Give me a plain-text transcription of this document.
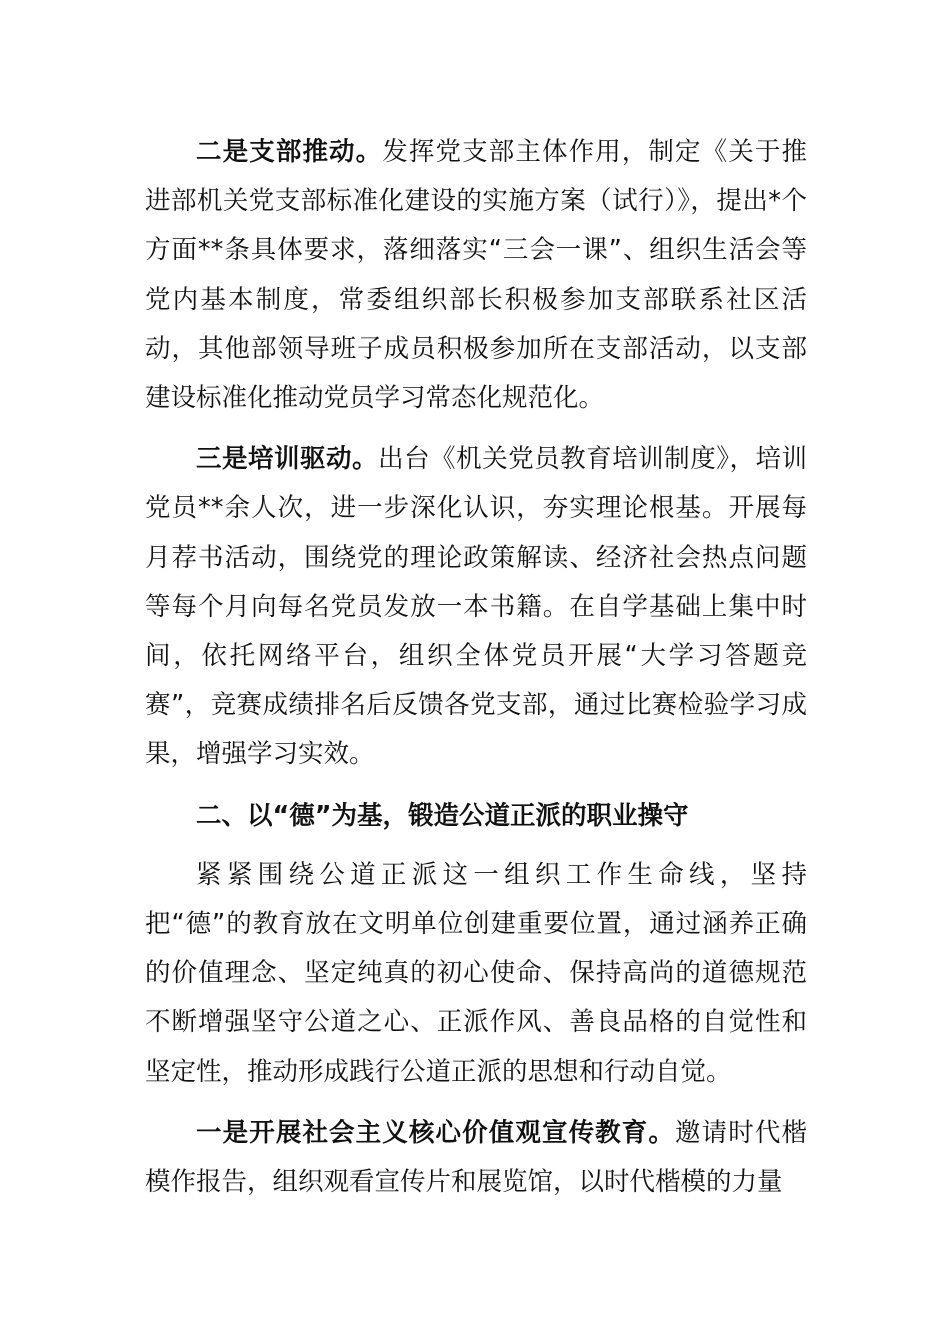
二是支部推动。发挥党支部主体作用，制定《关于推进部机关党支部标准化建设的实施方案（试行）》，提出*个方面**条具体要求，落细落实“三会一课”、组织生活会等党内基本制度，常委组织部长积极参加支部联系社区活动，其他部领导班子成员积极参加所在支部活动，以支部建设标准化推动党员学习常态化规范化。

三是培训驱动。出台《机关党员教育培训制度》，培训党员**余人次，进一步深化认识，夯实理论根基。开展每月荐书活动，围绕党的理论政策解读、经济社会热点问题等每个月向每名党员发放一本书籍。在自学基础上集中时间，依托网络平台，组织全体党员开展“大学习答题竞赛”，竞赛成绩排名后反馈各党支部，通过比赛检验学习成果，增强学习实效。

二、以“德”为基，锻造公道正派的职业操守

紧紧围绕公道正派这一组织工作生命线，坚持把“德”的教育放在文明单位创建重要位置，通过涵养正确的价值理念、坚定纯真的初心使命、保持高尚的道德规范不断增强坚守公道之心、正派作风、善良品格的自觉性和坚定性，推动形成践行公道正派的思想和行动自觉。

一是开展社会主义核心价值观宣传教育。邀请时代楷模作报告，组织观看宣传片和展览馆，以时代楷模的力量
